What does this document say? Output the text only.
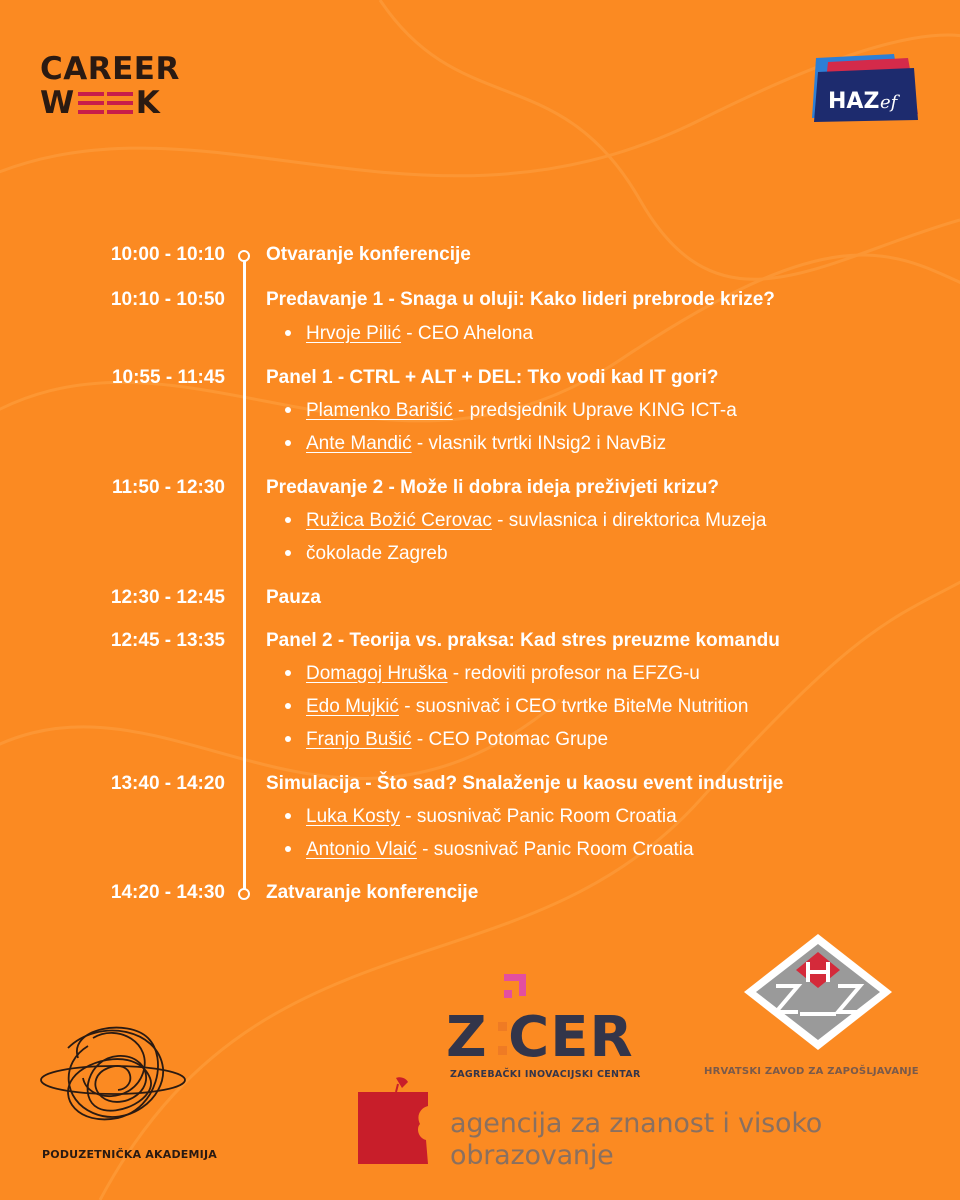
CAREER
W K	HAZ ef
10:00 - 10:10 Otvaranje konferencije
10:10 - 10:50 Predavanje 1 - Snaga u oluji: Kako lideri prebrode krize?
Hrvoje Pilić - CEO Ahelona
10:55 - 11:45 Panel 1 - CTRL + ALT + DEL: Tko vodi kad IT gori?
Plamenko Barišić - predsjednik Uprave KING ICT-a
Ante Mandić - vlasnik tvrtki INsig2 i NavBiz
11:50 - 12:30 Predavanje 2 - Može li dobra ideja preživjeti krizu?
Ružica Božić Cerovac - suvlasnica i direktorica Muzeja
čokolade Zagreb
12:30 - 12:45 Pauza
12:45 - 13:35 Panel 2 - Teorija vs. praksa: Kad stres preuzme komandu
Domagoj Hruška - redoviti profesor na EFZG-u
Edo Mujkić - suosnivač i CEO tvrtke BiteMe Nutrition
Franjo Bušić - CEO Potomac Grupe
13:40 - 14:20 Simulacija - Što sad? Snalaženje u kaosu event industrije
Luka Kosty - suosnivač Panic Room Croatia
Antonio Vlaić - suosnivač Panic Room Croatia
14:20 - 14:30 Zatvaranje konferencije
PODUZETNIČKA AKADEMIJA
Z CER
ZAGREBAČKI INOVACIJSKI CENTAR	HRVATSKI ZAVOD ZA ZAPOŠLJAVANJE
agencija za znanost i visoko obrazovanje
